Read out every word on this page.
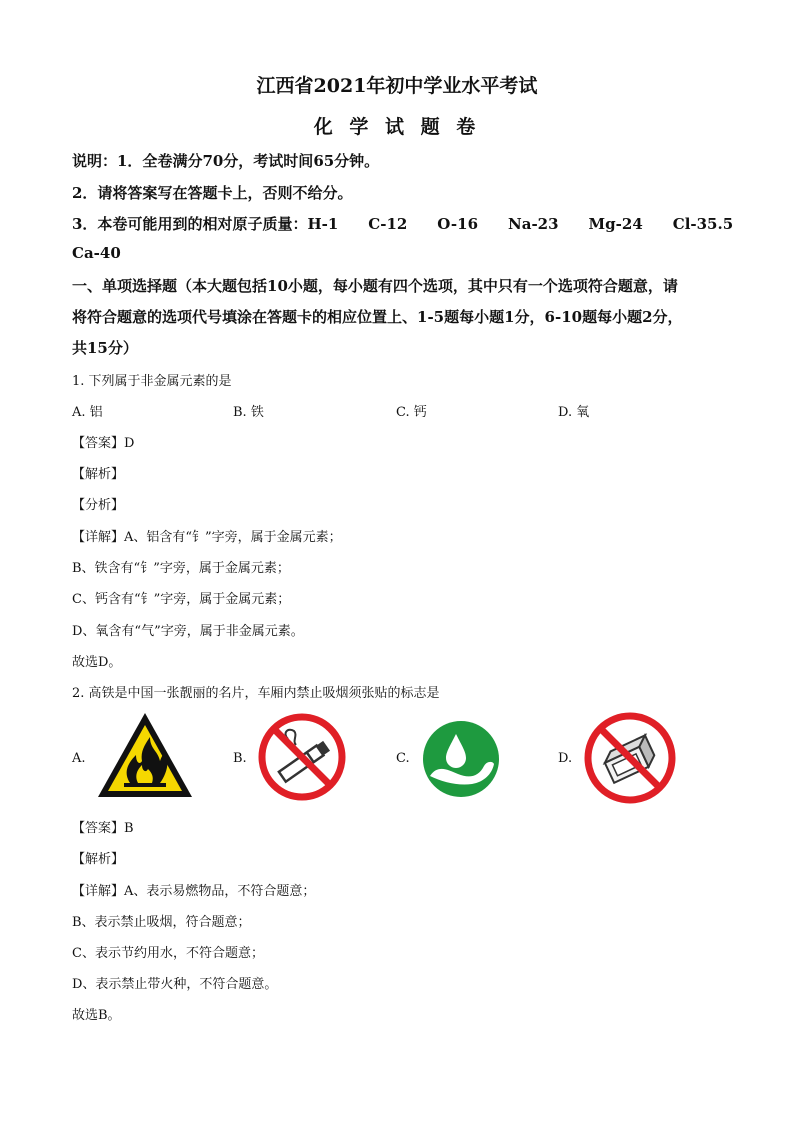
江西省2021年初中学业水平考试
化 学 试 题 卷
说明：1．全卷满分70分，考试时间65分钟。
2．请将答案写在答题卡上，否则不给分。
3．本卷可能用到的相对原子质量：H-1　　C-12　　O-16　　Na-23　　Mg-24　　Cl-35.5
Ca-40
一、单项选择题（本大题包括10小题，每小题有四个选项，其中只有一个选项符合题意，请
将符合题意的选项代号填涂在答题卡的相应位置上、1-5题每小题1分，6-10题每小题2分，
共15分）
1. 下列属于非金属元素的是
A. 铝	B. 铁	C. 钙	D. 氧
【答案】D
【解析】
【分析】
【详解】A、铝含有“钅”字旁，属于金属元素；
B、铁含有“钅”字旁，属于金属元素；
C、钙含有“钅”字旁，属于金属元素；
D、氧含有“气”字旁，属于非金属元素。
故选D。
2. 高铁是中国一张靓丽的名片，车厢内禁止吸烟须张贴的标志是
A.	B.	C.	D.
【答案】B
【解析】
【详解】A、表示易燃物品，不符合题意；
B、表示禁止吸烟，符合题意；
C、表示节约用水，不符合题意；
D、表示禁止带火种，不符合题意。
故选B。
